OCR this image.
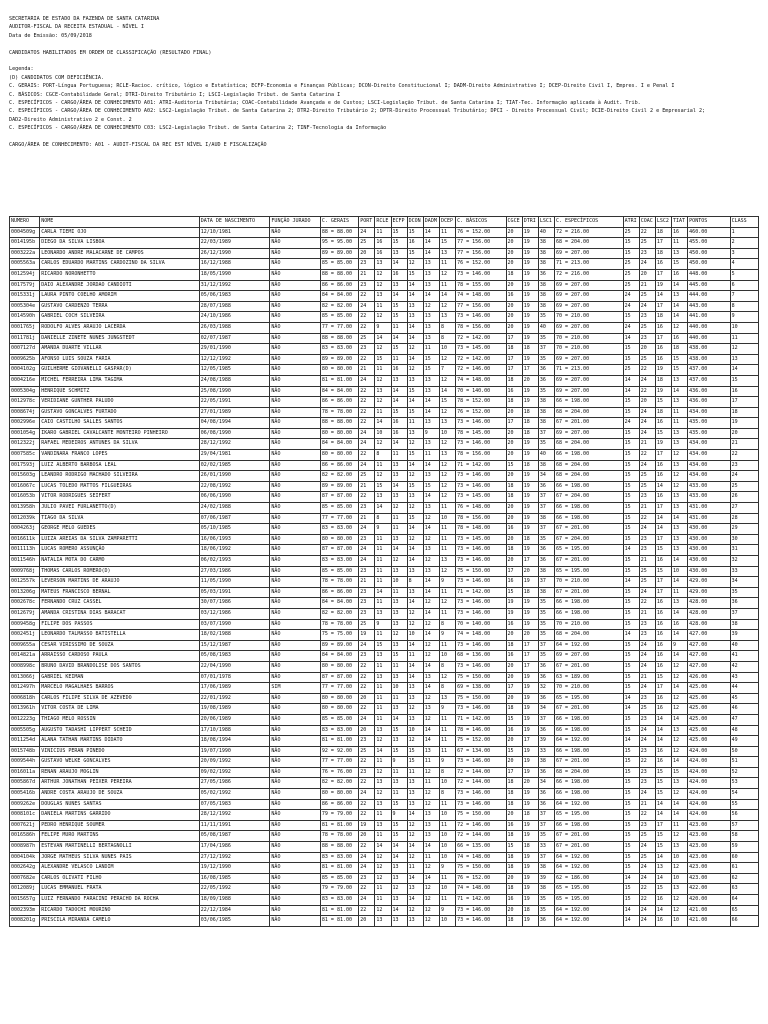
SECRETARIA DE ESTADO DA FAZENDA DE SANTA CATARINA
AUDITOR-FISCAL DA RECEITA ESTADUAL - NÍVEL I
Data de Emissão: 05/09/2018
CANDIDATOS HABILITADOS EM ORDEM DE CLASSIFICAÇÃO (RESULTADO FINAL)
Legenda:
(D) CANDIDATOS COM DEFICIÊNCIA.
C. GERAIS: PORT-Língua Portuguesa; RCLE-Racioc. crítico, lógico e Estatística; ECFP-Economia e Finanças Públicas; DCON-Direito Constitucional I; DADM-Direito Administrativo I; DCEP-Direito Civil I, Empres. I e Penal I
C. BÁSICOS: CGCE-Contabilidade Geral; DTRI-Direito Tributário I; LSCI-Legislação Tribut. de Santa Catarina I
C. ESPECÍFICOS - CARGO/ÁREA DE CONHECIMENTO A01: ATRI-Auditoria Tributária; COAC-Contabilidade Avançada e de Custos; LSCI-Legislação Tribut. de Santa Catarina I; TIAT-Tec. Informação aplicada à Audit. Trib.
C. ESPECÍFICOS - CARGO/ÁREA DE CONHECIMENTO A02: LSC2-Legislação Tribut. de Santa Catarina 2; DTR2-Direito Tributário 2; DPTR-Direito Processual Tributário; DPCI - Direito Processual Civil; DCIE-Direito Civil 2 e Empresarial 2;
DAD2-Direito Administrativo 2 e Const. 2
C. ESPECÍFICOS - CARGO/ÁREA DE CONHECIMENTO C03: LSC2-Legislação Tribut. de Santa Catarina 2; TINF-Tecnologia da Informação
CARGO/ÁREA DE CONHECIMENTO: A01 - AUDIT-FISCAL DA REC EST NÍVEL I/AUD E FISCALIZAÇÃO
NUMERO	NOME	DATA DE NASCIMENTO	FUNÇÃO JURADO	C. GERAIS	PORT	RCLE	ECFP	DCON	DADM	DCEP	C. BÁSICOS	CGCE	DTRI	LSC1	C. ESPECÍFICOS	ATRI	COAC	LSC2	TIAT	PONTOS	CLASS
0004509g	CARLA TIEMI OJO	12/10/1981	NÃO	88 = 88.00	24	11	15	15	14	11	76 = 152.00	20	19	40	72 = 216.00	25	22	18	16	460.00	1
0014195b	DIEGO DA SILVA LISBOA	22/03/1989	NÃO	95 = 95.00	25	16	15	16	14	15	77 = 156.00	20	19	38	68 = 204.00	15	25	17	11	455.00	2
0003222a	LEONARDO ANDRE MALACARNE DE CAMPOS	26/12/1990	NÃO	89 = 89.00	20	16	13	15	14	13	77 = 156.00	20	19	38	69 = 207.00	15	23	18	13	450.00	3
0005563a	CARLOS EDUARDO MARTINS CARDOZINO DA SILVA	16/12/1988	NÃO	85 = 85.00	23	13	14	12	13	11	76 = 152.00	20	19	38	71 = 213.00	25	24	16	15	450.00	4
0012594j	RICARDO NORONHETTO	18/05/1990	NÃO	88 = 88.00	21	12	16	15	13	12	73 = 146.00	18	19	36	72 = 216.00	25	20	17	16	448.00	5
0017579j	DAIO ALEXANDRE JORDAO CANDIOTI	31/12/1992	NÃO	86 = 86.00	23	12	13	14	13	11	78 = 155.00	20	19	38	69 = 207.00	25	21	19	14	445.00	6
0015331j	LAURA PINTO COELHO AMORIM	05/06/1983	NÃO	84 = 84.00	22	13	14	14	14	14	74 = 148.00	16	19	38	69 = 207.00	24	25	14	13	444.00	7
0005304e	GUSTAVO CARDENZO TERRA	28/07/1988	NÃO	82 = 82.00	24	11	15	13	12	12	77 = 156.00	20	19	38	69 = 207.00	24	24	17	14	443.00	8
0014590h	GABRIEL COCH SILVEIRA	24/10/1986	NÃO	85 = 85.00	22	12	15	13	13	13	73 = 146.00	20	19	35	70 = 210.00	15	23	18	14	441.00	9
0001765j	RODOLFO ALVES ARAUJO LACERDA	26/03/1988	NÃO	77 = 77.00	22	9	11	14	13	8	78 = 156.00	20	19	40	69 = 207.00	24	25	16	12	440.00	10
0011781j	DANIELLE ZINETE NUNES JUNGSTEDT	02/07/1987	NÃO	88 = 88.00	25	14	14	14	13	8	72 = 142.00	17	19	35	70 = 210.00	14	23	17	16	440.00	11
0007127d	AMANDA DUARTE VILLAR	29/01/1990	NÃO	83 = 83.00	23	12	15	12	11	10	73 = 145.00	18	18	37	70 = 210.00	15	20	16	18	438.00	12
0009625b	AFONSO LUIS SOUZA FARIA	12/12/1992	NÃO	89 = 89.00	22	15	11	14	15	12	72 = 142.00	17	19	35	69 = 207.00	15	25	16	15	438.00	13
0004102g	GUILHERME GIOVANELLI GASPAR(D)	12/05/1985	NÃO	80 = 80.00	21	11	16	12	15	7	72 = 146.00	17	17	36	71 = 213.00	25	22	19	15	437.00	14
0004216e	MICHEL FERREIRA LIMA TAGIMA	24/08/1988	NÃO	81 = 81.00	24	12	13	13	13	12	74 = 148.00	18	20	36	69 = 207.00	14	24	18	13	437.00	15
0005304g	HENRIQUE SCHMITZ	25/08/1990	NÃO	84 = 84.00	22	13	14	15	13	14	70 = 140.00	16	19	35	69 = 207.00	14	22	19	14	436.00	16
0012978c	VERIDIANE GUNTHER PALUDO	22/05/1991	NÃO	86 = 86.00	22	12	14	14	14	15	78 = 152.00	18	19	38	66 = 198.00	15	20	15	13	436.00	17
0008674j	GUSTAVO GONCALVES FURTADO	27/01/1989	NÃO	78 = 78.00	22	11	15	15	14	12	76 = 152.00	20	18	38	68 = 204.00	15	24	18	11	434.00	18
0002996e	CAIO CASTILHO SALLES SANTOS	04/08/1994	NÃO	88 = 88.00	22	14	16	11	13	13	73 = 146.00	17	18	38	67 = 201.00	24	24	16	11	435.00	19
0001054g	IKARO GABRIEL CAVALCANTE MONTEIRO PINHEIRO	06/08/1990	NÃO	80 = 80.00	24	10	16	13	9	10	78 = 145.00	20	18	37	69 = 207.00	15	24	15	13	435.00	20
0012322j	RAFAEL MEDEIROS ANTUNES DA SILVA	28/12/1992	NÃO	84 = 84.00	24	12	14	12	13	12	73 = 146.00	20	19	35	68 = 204.00	15	21	19	13	434.00	21
0007585c	VANDINARA FRANCO LOPES	29/04/1981	NÃO	80 = 80.00	22	8	11	15	11	13	78 = 156.00	20	19	40	66 = 198.00	15	22	17	12	434.00	22
0017593j	LUIZ ALBERTO BARBOSA LEAL	02/02/1985	NÃO	86 = 86.00	24	11	13	14	14	12	71 = 142.00	15	18	38	68 = 204.00	15	24	16	13	434.00	23
0015603g	LEANDRO RODRIGO MACHADO SILVEIRA	26/01/1990	NÃO	82 = 82.00	25	12	13	12	13	12	73 = 146.00	20	19	34	68 = 204.00	15	25	16	12	434.00	24
0016067c	LUCAS TOLEDO MATTOS FILGUEIRAS	22/08/1992	NÃO	89 = 89.00	21	15	14	15	15	12	73 = 146.00	18	19	36	66 = 198.00	15	25	14	12	433.00	25
0016053b	VITOR RODRIGUES SEIFERT	06/06/1990	NÃO	87 = 87.00	22	13	13	13	14	12	73 = 145.00	18	19	37	67 = 204.00	15	23	16	13	433.00	26
0013958h	JULIO PAVEI FURLANETTO(D)	24/02/1988	NÃO	85 = 85.00	23	14	12	12	13	11	76 = 148.00	20	19	37	66 = 198.00	15	21	17	13	431.00	27
0012039k	TIAGO DA SILVA	07/06/1987	NÃO	77 = 77.00	21	8	11	15	12	10	78 = 156.00	20	19	38	66 = 198.00	15	22	14	14	431.00	28
0004263j	GEORGE MELO GUEDES	05/10/1985	NÃO	83 = 83.00	24	9	11	14	14	11	78 = 148.00	16	19	37	67 = 201.00	15	24	14	13	430.00	29
0016611k	LUIZA AREIAS DA SILVA ZAMPARETTI	16/06/1993	NÃO	80 = 80.00	23	11	13	12	12	11	73 = 145.00	20	18	35	67 = 204.00	15	23	17	13	430.00	30
0011113h	LUCAS ROMERO ASSUNÇÃO	18/06/1992	NÃO	87 = 87.00	24	11	14	14	13	11	73 = 146.00	18	19	36	65 = 195.00	14	23	15	13	430.00	31
0011546h	NATALIA MOTA DO CARMO	06/02/1993	NÃO	83 = 83.00	24	11	12	14	12	13	73 = 146.00	20	17	36	67 = 201.00	15	21	16	14	430.00	32
0009768j	THOMAS CARLOS ROMERO(D)	27/03/1986	NÃO	85 = 85.00	23	11	13	13	13	12	75 = 150.00	17	20	38	65 = 195.00	15	25	15	10	430.00	33
0012557k	LEVERSON MARTINS DE ARAUJO	11/05/1990	NÃO	78 = 78.00	21	11	10	8	14	9	73 = 146.00	16	19	37	70 = 210.00	14	25	17	14	429.00	34
0013206g	MATEUS FRANCISCO BERNAL	05/03/1991	NÃO	86 = 86.00	23	14	11	13	14	11	71 = 142.00	15	18	38	67 = 201.00	15	24	17	11	429.00	35
0002678c	FERNANDO CRUZ CASSEL	30/07/1986	NÃO	84 = 84.00	23	11	13	14	12	12	73 = 146.00	19	19	35	66 = 198.00	15	22	16	13	428.00	36
0012679j	AMANDA CRISTINA DIAS BARACAT	03/12/1986	NÃO	82 = 82.00	23	13	13	12	14	11	73 = 146.00	19	19	35	66 = 198.00	15	21	16	14	428.00	37
0009458g	FILIPE DOS PASSOS	03/07/1990	NÃO	78 = 78.00	25	9	13	12	12	8	70 = 140.00	16	19	35	70 = 210.00	15	23	16	16	428.00	38
0002451j	LEONARDO TALMASSO BATISTELLA	18/02/1988	NÃO	75 = 75.00	19	11	12	10	14	9	74 = 148.00	20	20	35	68 = 204.00	14	23	16	14	427.00	39
0009655a	CESAR VIRISSIMO DE SOUZA	15/12/1987	NÃO	89 = 89.00	24	15	13	14	12	11	73 = 146.00	18	17	37	64 = 192.00	15	24	16	9	427.00	40
0014821a	ARRAISSO CARDOSO PAULA	05/08/1983	NÃO	84 = 84.00	23	13	15	11	12	10	68 = 136.00	16	17	35	69 = 207.00	15	24	16	14	427.00	41
0008998c	BRUNO DAVID BRANDOLISE DOS SANTOS	22/04/1990	NÃO	80 = 80.00	22	11	11	14	14	8	73 = 146.00	20	17	36	67 = 201.00	15	24	16	12	427.00	42
0013066j	GABRIEL KEIMAN	07/01/1978	NÃO	87 = 87.00	22	13	13	14	13	12	75 = 150.00	20	19	36	63 = 189.00	15	21	15	12	426.00	43
0012497h	MARCELO MAGALHAES BARROS	17/06/1989	SIM	77 = 77.00	22	11	10	13	14	8	69 = 138.00	17	19	32	70 = 210.00	15	24	17	14	425.00	44
0006818h	CARLOS FILIPE SILVA DE AZEVEDO	22/01/1992	NÃO	80 = 80.00	20	11	11	13	12	13	75 = 150.00	20	19	36	65 = 195.00	14	23	16	12	425.00	45
0013961h	VITOR COSTA DE LIMA	19/08/1989	NÃO	80 = 80.00	22	11	13	12	13	9	73 = 146.00	18	19	34	67 = 201.00	14	25	16	12	425.00	46
0012223g	THIAGO MELO ROSSIN	20/06/1989	NÃO	85 = 85.00	24	11	14	13	12	11	71 = 142.00	15	19	37	66 = 198.00	15	23	14	14	425.00	47
0005505g	AUGUSTO TADASHI LIPPERT SCHEID	17/10/1988	NÃO	83 = 83.00	20	13	15	10	14	11	78 = 146.00	16	19	36	66 = 198.00	15	24	14	13	425.00	48
0011254d	ALANA TATHAN MARTINS DIDATO	18/08/1994	NÃO	81 = 81.00	23	12	13	12	14	11	75 = 152.00	20	17	39	64 = 192.00	14	24	14	12	425.00	49
0015748b	VINICIUS PERAN PINEDO	19/07/1990	NÃO	92 = 92.00	25	14	15	15	13	11	67 = 134.00	15	19	33	66 = 198.00	15	23	16	12	424.00	50
0009544h	GUSTAVO WELKE GONCALVES	20/09/1992	NÃO	77 = 77.00	22	11	9	15	11	9	73 = 146.00	20	19	38	67 = 201.00	15	22	16	14	424.00	51
0016011a	RENAN ARAUJO MOGLIN	09/02/1992	NÃO	76 = 76.00	23	12	11	11	12	8	72 = 144.00	17	19	36	68 = 204.00	15	23	15	15	424.00	52
0005867d	ARTHUR JONATHAN PEIXER PEREIRA	27/05/1986	NÃO	82 = 82.00	22	13	13	13	11	10	72 = 144.00	18	20	34	66 = 198.00	15	23	15	13	424.00	53
0005416b	ANDRE COSTA ARAUJO DE SOUZA	05/02/1992	NÃO	80 = 80.00	24	12	11	13	12	8	73 = 146.00	18	19	36	66 = 198.00	15	24	15	12	424.00	54
0009262e	DOUGLAS NUNES SANTAS	07/05/1983	NÃO	86 = 86.00	22	13	15	13	12	11	73 = 146.00	18	19	36	64 = 192.00	15	21	14	14	424.00	55
0008101c	DANIELA MARTINS GARRIDO	28/12/1992	NÃO	79 = 79.00	22	11	9	14	13	10	75 = 150.00	20	18	37	65 = 195.00	15	22	14	14	424.00	56
0007621j	PEDRO HENRIQUE SOUMER	11/11/1991	NÃO	81 = 81.00	19	13	15	12	13	11	72 = 146.00	16	19	37	66 = 198.00	15	23	17	11	423.00	57
0016586h	FELIPE MURO MARTINS	05/08/1987	NÃO	78 = 78.00	20	11	15	12	13	10	72 = 144.00	18	19	35	67 = 201.00	15	25	15	12	423.00	58
0008987h	ESTEVAN MARTINELLI BERTAGNOLLI	17/04/1986	NÃO	88 = 88.00	22	14	14	14	14	10	66 = 135.00	15	18	33	67 = 201.00	15	24	15	13	423.00	59
0004104k	JORGE MATHEUS SILVA NUNES PAIS	27/12/1992	NÃO	83 = 83.00	24	12	14	12	11	10	74 = 148.00	18	19	37	64 = 192.00	15	25	14	10	423.00	60
0002642g	ALEXANDRE VELASCO LANDIM	19/12/1990	NÃO	81 = 81.00	24	12	13	11	12	9	75 = 150.00	18	19	38	64 = 192.00	15	24	13	12	423.00	61
0007682e	CARLOS OLIVATI FILHO	16/08/1985	NÃO	85 = 85.00	23	12	13	14	14	11	76 = 152.00	20	19	39	62 = 186.00	14	24	14	10	423.00	62
0012089j	LUCAS EMMANUEL FRATA	22/05/1992	NÃO	79 = 79.00	22	11	12	13	12	10	74 = 148.00	18	19	38	65 = 195.00	15	22	15	13	422.00	63
0015657g	LUIZ FERNANDO FARACINI PERACHO DA ROCHA	18/09/1988	NÃO	83 = 83.00	24	11	13	14	12	11	71 = 142.00	16	19	35	65 = 195.00	15	22	16	12	420.00	64
0002393m	RICARDO TADOCHI MOURINO	22/12/1984	NÃO	81 = 81.00	22	12	14	12	12	9	73 = 146.00	20	18	35	64 = 192.00	14	24	14	12	421.00	65
0008201g	PRISCILA MIRANDA CAMELO	03/06/1985	NÃO	81 = 81.00	20	13	13	13	12	10	73 = 146.00	18	19	36	64 = 192.00	14	24	16	10	421.00	66
